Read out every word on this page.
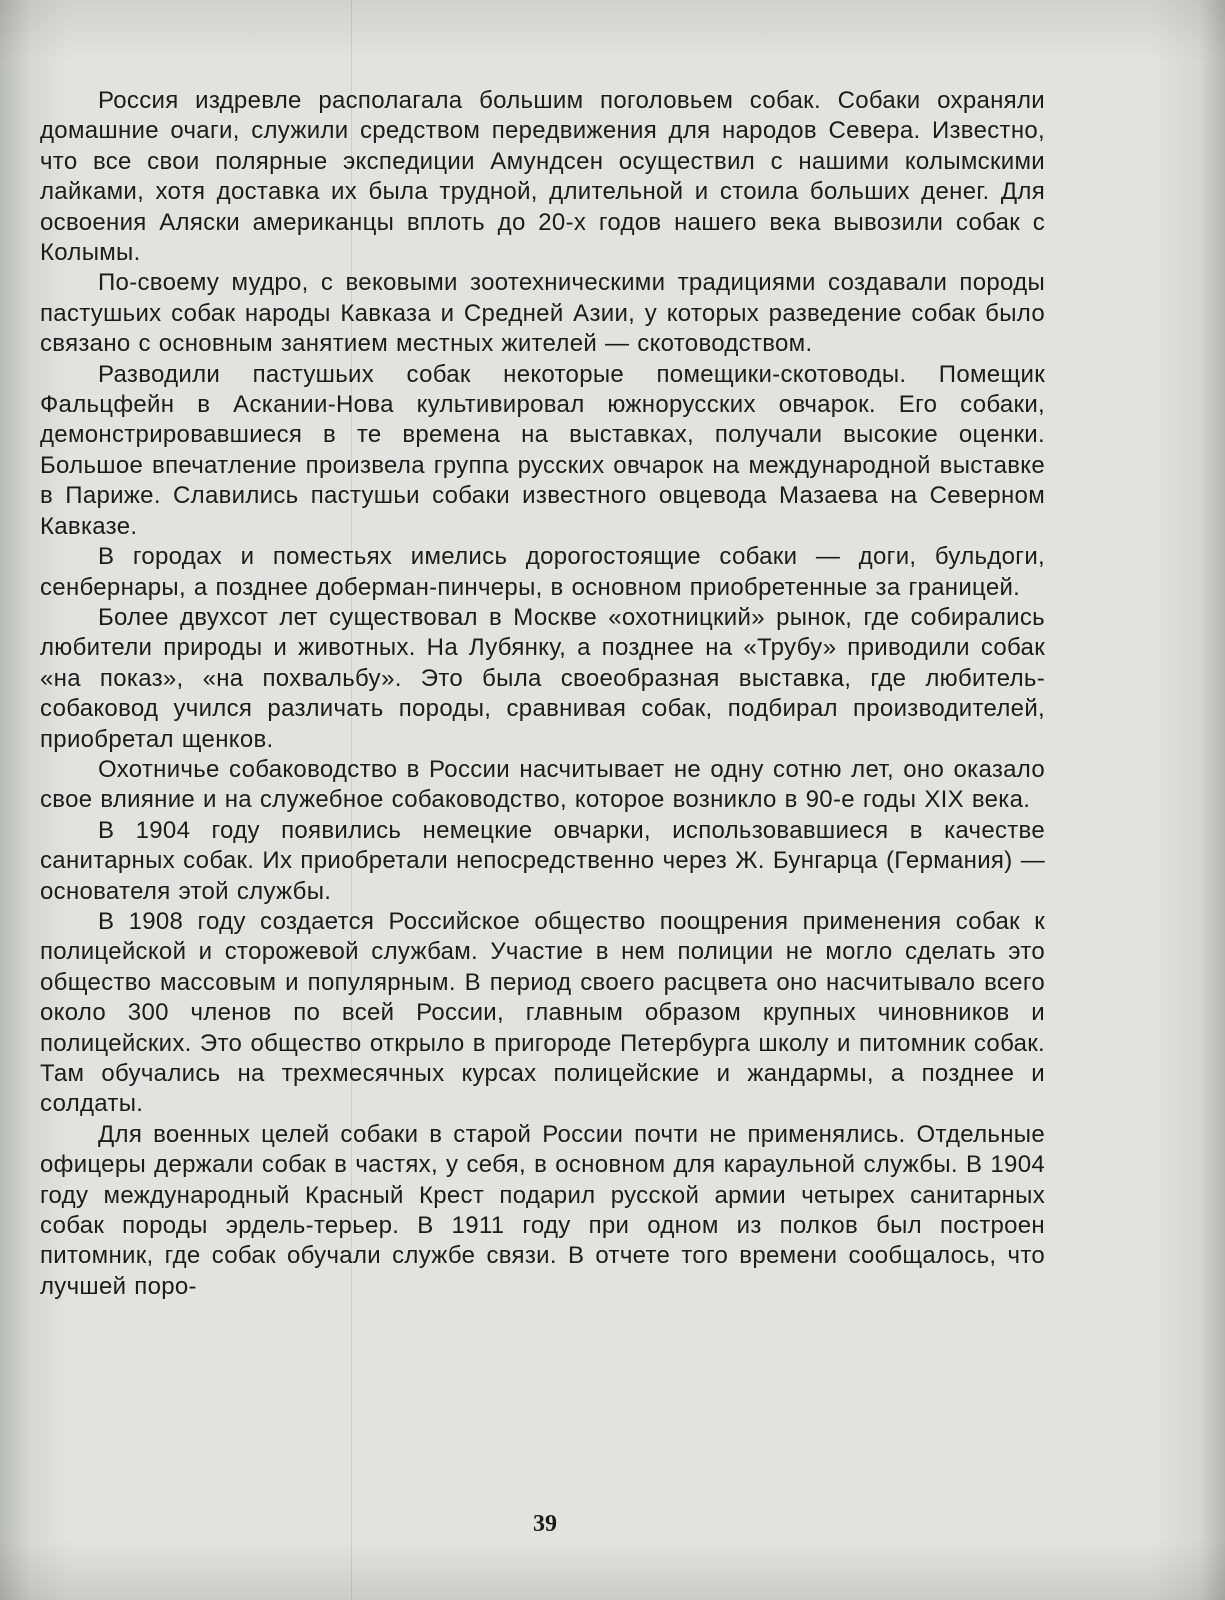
Россия издревле располагала большим поголовьем собак. Собаки охраняли домашние очаги, служили средством передвижения для народов Севера. Известно, что все свои полярные экспедиции Амундсен осуществил с нашими колымскими лайками, хотя доставка их была трудной, длительной и стоила больших денег. Для освоения Аляски американцы вплоть до 20-х годов нашего века вывозили собак с Колымы.

По-своему мудро, с вековыми зоотехническими традициями создавали породы пастушьих собак народы Кавказа и Средней Азии, у которых разведение собак было связано с основным занятием местных жителей — скотоводством.

Разводили пастушьих собак некоторые помещики-скотоводы. Помещик Фальцфейн в Аскании-Нова культивировал южнорусских овчарок. Его собаки, демонстрировавшиеся в те времена на выставках, получали высокие оценки. Большое впечатление произвела группа русских овчарок на международной выставке в Париже. Славились пастушьи собаки известного овцевода Мазаева на Северном Кавказе.

В городах и поместьях имелись дорогостоящие собаки — доги, бульдоги, сенбернары, а позднее доберман-пинчеры, в основном приобретенные за границей.

Более двухсот лет существовал в Москве «охотницкий» рынок, где собирались любители природы и животных. На Лубянку, а позднее на «Трубу» приводили собак «на показ», «на похвальбу». Это была своеобразная выставка, где любитель-собаковод учился различать породы, сравнивая собак, подбирал производителей, приобретал щенков.

Охотничье собаководство в России насчитывает не одну сотню лет, оно оказало свое влияние и на служебное собаководство, которое возникло в 90-е годы XIX века.

В 1904 году появились немецкие овчарки, использовавшиеся в качестве санитарных собак. Их приобретали непосредственно через Ж. Бунгарца (Германия) — основателя этой службы.

В 1908 году создается Российское общество поощрения применения собак к полицейской и сторожевой службам. Участие в нем полиции не могло сделать это общество массовым и популярным. В период своего расцвета оно насчитывало всего около 300 членов по всей России, главным образом крупных чиновников и полицейских. Это общество открыло в пригороде Петербурга школу и питомник собак. Там обучались на трехмесячных курсах полицейские и жандармы, а позднее и солдаты.

Для военных целей собаки в старой России почти не применялись. Отдельные офицеры держали собак в частях, у себя, в основном для караульной службы. В 1904 году международный Красный Крест подарил русской армии четырех санитарных собак породы эрдель-терьер. В 1911 году при одном из полков был построен питомник, где собак обучали службе связи. В отчете того времени сообщалось, что лучшей поро-

39
